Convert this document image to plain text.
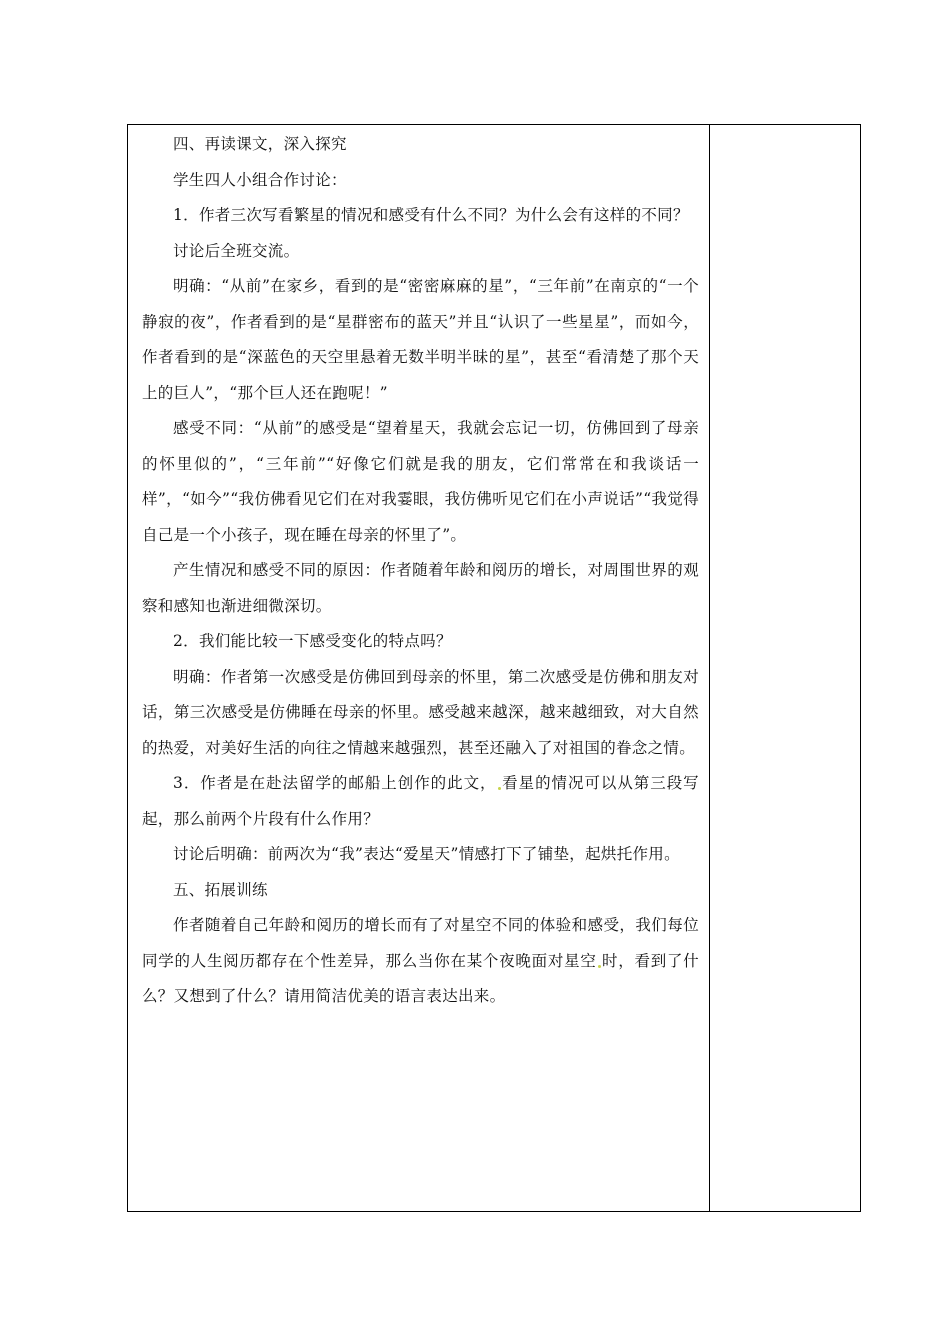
四、再读课文，深入探究

学生四人小组合作讨论：

1．作者三次写看繁星的情况和感受有什么不同？为什么会有这样的不同？

讨论后全班交流。

明确：“从前”在家乡，看到的是“密密麻麻的星”，“三年前”在南京的“一个静寂的夜”，作者看到的是“星群密布的蓝天”并且“认识了一些星星”，而如今，作者看到的是“深蓝色的天空里悬着无数半明半昧的星”，甚至“看清楚了那个天上的巨人”，“那个巨人还在跑呢！”

感受不同：“从前”的感受是“望着星天，我就会忘记一切，仿佛回到了母亲的怀里似的”，“三年前”“好像它们就是我的朋友，它们常常在和我谈话一样”，“如今”“我仿佛看见它们在对我霎眼，我仿佛听见它们在小声说话”“我觉得自己是一个小孩子，现在睡在母亲的怀里了”。

产生情况和感受不同的原因：作者随着年龄和阅历的增长，对周围世界的观察和感知也渐进细微深切。

2．我们能比较一下感受变化的特点吗？

明确：作者第一次感受是仿佛回到母亲的怀里，第二次感受是仿佛和朋友对话，第三次感受是仿佛睡在母亲的怀里。感受越来越深，越来越细致，对大自然的热爱，对美好生活的向往之情越来越强烈，甚至还融入了对祖国的眷念之情。

3．作者是在赴法留学的邮船上创作的此文， 看星的情况可以从第三段写起，那么前两个片段有什么作用？

讨论后明确：前两次为“我”表达“爱星天”情感打下了铺垫，起烘托作用。

五、拓展训练

作者随着自己年龄和阅历的增长而有了对星空不同的体验和感受，我们每位同学的人生阅历都存在个性差异，那么当你在某个夜晚面对星空 时，看到了什么？又想到了什么？请用简洁优美的语言表达出来。
